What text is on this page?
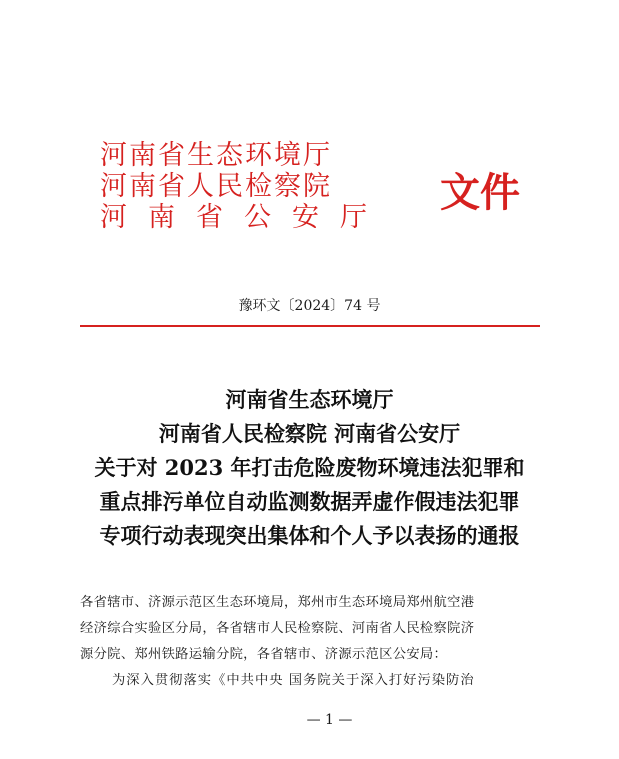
河南省生态环境厅
河南省人民检察院
河南省公安厅
文件
豫环文〔2024〕74 号
河南省生态环境厅
河南省人民检察院 河南省公安厅
关于对 2023 年打击危险废物环境违法犯罪和
重点排污单位自动监测数据弄虚作假违法犯罪
专项行动表现突出集体和个人予以表扬的通报

各省辖市、济源示范区生态环境局，郑州市生态环境局郑州航空港

经济综合实验区分局，各省辖市人民检察院、河南省人民检察院济

源分院、郑州铁路运输分院，各省辖市、济源示范区公安局：

为深入贯彻落实《中共中央 国务院关于深入打好污染防治

— 1 —
